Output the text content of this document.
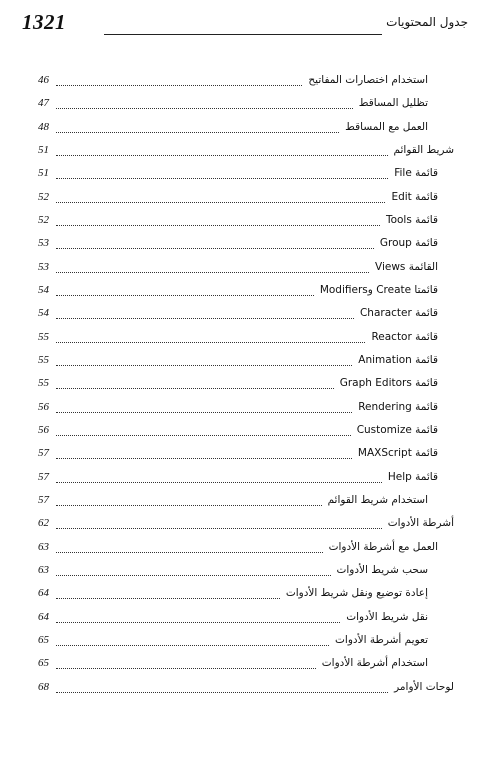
جدول المحتويات
1321
46	استخدام اختصارات المفاتيح
47	تظليل المساقط
48	العمل مع المساقط
51	شريط القوائم
51	قائمة File
52	قائمة Edit
52	قائمة Tools
53	قائمة Group
53	القائمة Views
54	قائمتا Create وModifiers
54	قائمة Character
55	قائمة Reactor
55	قائمة Animation
55	قائمة Graph Editors
56	قائمة Rendering
56	قائمة Customize
57	قائمة MAXScript
57	قائمة Help
57	استخدام شريط القوائم
62	أشرطة الأدوات
63	العمل مع أشرطة الأدوات
63	سحب شريط الأدوات
64	إعادة توضيع ونقل شريط الأدوات
64	نقل شريط الأدوات
65	تعويم أشرطة الأدوات
65	استخدام أشرطة الأدوات
68	لوحات الأوامر
